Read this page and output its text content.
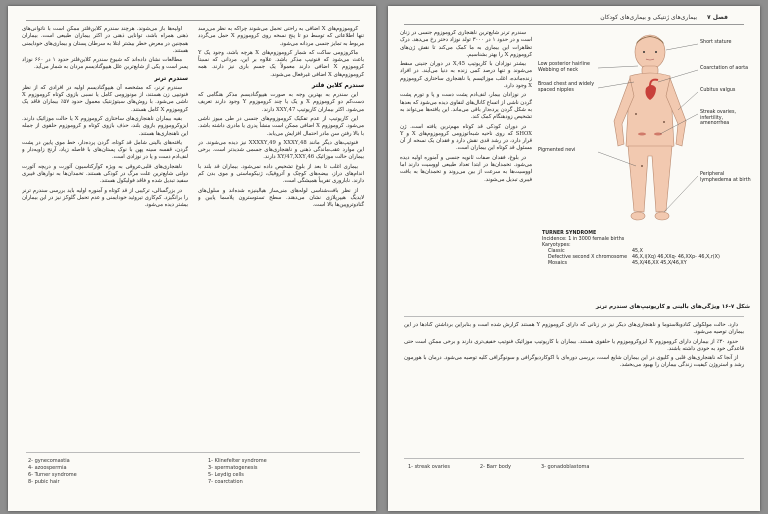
کروموزوم‌های X اضافی به راحتی تحمل می‌شوند چراکه به نظر می‌رسد تنها اطلاعاتی که توسط دو تا پنج نسخه روی کروموزوم X حمل می‌گردد مربوط به تمایز جنسی مردانه می‌شود.

ماکروزومی ساکت که شمار کروموزوم‌های X هرچه باشد، وجود یک Y باعث می‌شود که فنوتیپ مذکر باشد. علاوه بر این، مردانی که نسبتاً کروموزوم X اضافی دارند معمولاً یک جسم باری نیز دارند. همه کروموزوم‌های X اضافی غیرفعال می‌شوند.

سندرم کلاین فلتر

این سندرم به بهترین وجه به صورت هیپوگنادیسم مذکر هنگامی که دست‌کم دو کروموزوم X و یک یا چند کروموزوم Y وجود دارند تعریف می‌شود. اکثر بیماران کاریوتیپ 47,XXY دارند.

این کاریوتیپ از عدم تفکیک کروموزوم‌های جنسی در طی میوز ناشی می‌شود. کروموزوم X اضافی ممکن است منشأ پدری یا مادری داشته باشد. با بالا رفتن سن مادر احتمال افزایش می‌یابد.

فنوتیپ‌های دیگر مانند 48,XXXY و 49,XXXXY نیز دیده می‌شوند. در این موارد عقب‌ماندگی ذهنی و ناهنجاری‌های جسمی شدیدتر است. برخی بیماران حالت موزائیک 46,XY/47,XXY دارند.

بیماری اغلب تا بعد از بلوغ تشخیص داده نمی‌شود. بیماران قد بلند با اندام‌های دراز، بیضه‌های کوچک و آتروفیک، ژنیکوماستی و موی بدن کم دارند. ناباروری تقریباً همیشگی است.

از نظر بافت‌شناسی لوله‌های منی‌ساز هیالینیزه شده‌اند و سلول‌های لایدیگ هیپرپلازی نشان می‌دهند. سطح تستوسترون پلاسما پایین و گنادوتروپین‌ها بالا است.

اولیه‌ها باز می‌شوند. هرچند سندرم کلاین‌فلتر ممکن است با ناتوانی‌های ذهنی همراه باشد، توانایی ذهنی در اکثر بیماران طبیعی است. بیماران همچنین در معرض خطر بیشتر ابتلا به سرطان پستان و بیماری‌های خودایمنی هستند.

مطالعات نشان داده‌اند که شیوع سندرم کلاین‌فلتر حدود ۱ در ۶۶۰ نوزاد پسر است و یکی از شایع‌ترین علل هیپوگنادیسم مردان به شمار می‌آید.

سندرم ترنر

سندرم ترنر، که مشخصه آن هیپوگنادیسم اولیه در افرادی که از نظر فنوتیپی زن هستند، از مونوزومی کامل یا نسبی بازوی کوتاه کروموزوم X ناشی می‌شود. با روش‌های سیتوژنتیک معمول حدود ۵۷٪ بیماران فاقد یک کروموزوم X کامل هستند.

بقیه بیماران ناهنجاری‌های ساختاری کروموزوم X یا حالت موزائیک دارند. ایزوکروموزوم بازوی بلند، حذف بازوی کوتاه و کروموزوم حلقوی از جمله این ناهنجاری‌ها هستند.

یافته‌های بالینی شامل قد کوتاه، گردن پرده‌دار، خط موی پایین در پشت گردن، قفسه سینه پهن با نوک پستان‌های با فاصله زیاد، آرنج زاویه‌دار و لنف‌ادم دست و پا در نوزادی است.

ناهنجاری‌های قلبی‌عروقی به ویژه کوآرکتاسیون آئورت و دریچه آئورت دولتی شایع‌ترین علت مرگ در کودکی هستند. تخمدان‌ها به نوارهای فیبری سفید تبدیل شده و فاقد فولیکول هستند.

در بزرگسالی، ترکیبی از قد کوتاه و آمنوره اولیه باید بررسی سندرم ترنر را برانگیزد. کم‌کاری تیروئید خودایمنی و عدم تحمل گلوکز نیز در این بیماران بیشتر دیده می‌شود.

1- Klinefelter syndrome
3- spermatogenesis
5- Leydig cells
7- coarctation
2- gynecomastia
4- azoospermia
6- Turner syndrome
8- pubic hair
فصل ۷ بیماری‌های ژنتیکی و بیماری‌های کودکان

سندرم ترنر شایع‌ترین ناهنجاری کروموزوم جنسی در زنان است و در حدود ۱ در ۳۰۰۰ تولد نوزاد دختر رخ می‌دهد. درک تظاهرات این بیماری به ما کمک می‌کند تا نقش ژن‌های کروموزوم X را بهتر بشناسیم.

بیشتر نوزادان با کاریوتیپ 45,X در دوران جنینی سقط می‌شوند و تنها درصد کمی زنده به دنیا می‌آیند. در افراد زنده‌مانده، اغلب موزائیسم یا ناهنجاری ساختاری کروموزوم X وجود دارد.

در نوزادان بیمار، لنف‌ادم پشت دست و پا و تورم پشت گردن ناشی از اتساع کانال‌های لنفاوی دیده می‌شود که بعدها به شکل گردن پرده‌دار باقی می‌ماند. این یافته‌ها می‌تواند به تشخیص زودهنگام کمک کند.

در دوران کودکی قد کوتاه مهم‌ترین یافته است. ژن SHOX که روی ناحیه شبه‌اتوزومی کروموزوم‌های X و Y قرار دارد، در رشد قدی نقش دارد و فقدان یک نسخه از آن مسئول قد کوتاه این بیماران است.

در بلوغ، فقدان صفات ثانویه جنسی و آمنوره اولیه دیده می‌شود. تخمدان‌ها در ابتدا تعداد طبیعی اووسیت دارند اما اووسیت‌ها به سرعت از بین می‌روند و تخمدان‌ها به بافت فیبری تبدیل می‌شوند.

Low posterior hairline
Webbing of neck
Broad chest and widely spaced nipples
Pigmented nevi
Short stature
Coarctation of aorta
Cubitus valgus
Streak ovaries, infertility, amenorrhea
Peripheral lymphedema at birth
TURNER SYNDROME
Incidence: 1 in 3000 female births
Karyotypes:
Classic	45,X
Defective second X chromosome	46,X,i(Xq) 46,XXq- 46,XXp- 46,X,r(X)
Mosaics	45,X/46,XX 45,X/46,XY
شکل ۷-۱۶ ویژگی‌های بالینی و کاریوتیپ‌های سندرم ترنر

دارد. حالت مولکولی گنادوبلاستوما و ناهنجاری‌های دیگر نیز در زنانی که دارای کروموزوم Y هستند گزارش شده است و بنابراین برداشتن گنادها در این بیماران توصیه می‌شود.

حدود ۳۰٪ از بیماران دارای کروموزوم X ایزوکروموزوم یا حلقوی هستند. بیماران با کاریوتیپ موزائیک فنوتیپ خفیف‌تری دارند و برخی ممکن است حتی قاعدگی خود به خودی داشته باشند.

از آنجا که ناهنجاری‌های قلبی و کلیوی در این بیماران شایع است، بررسی دوره‌ای با اکوکاردیوگرافی و سونوگرافی کلیه توصیه می‌شود. درمان با هورمون رشد و استروژن کیفیت زندگی بیماران را بهبود می‌بخشد.

1- streak ovaries	2- Barr body	3- gonadoblastoma
